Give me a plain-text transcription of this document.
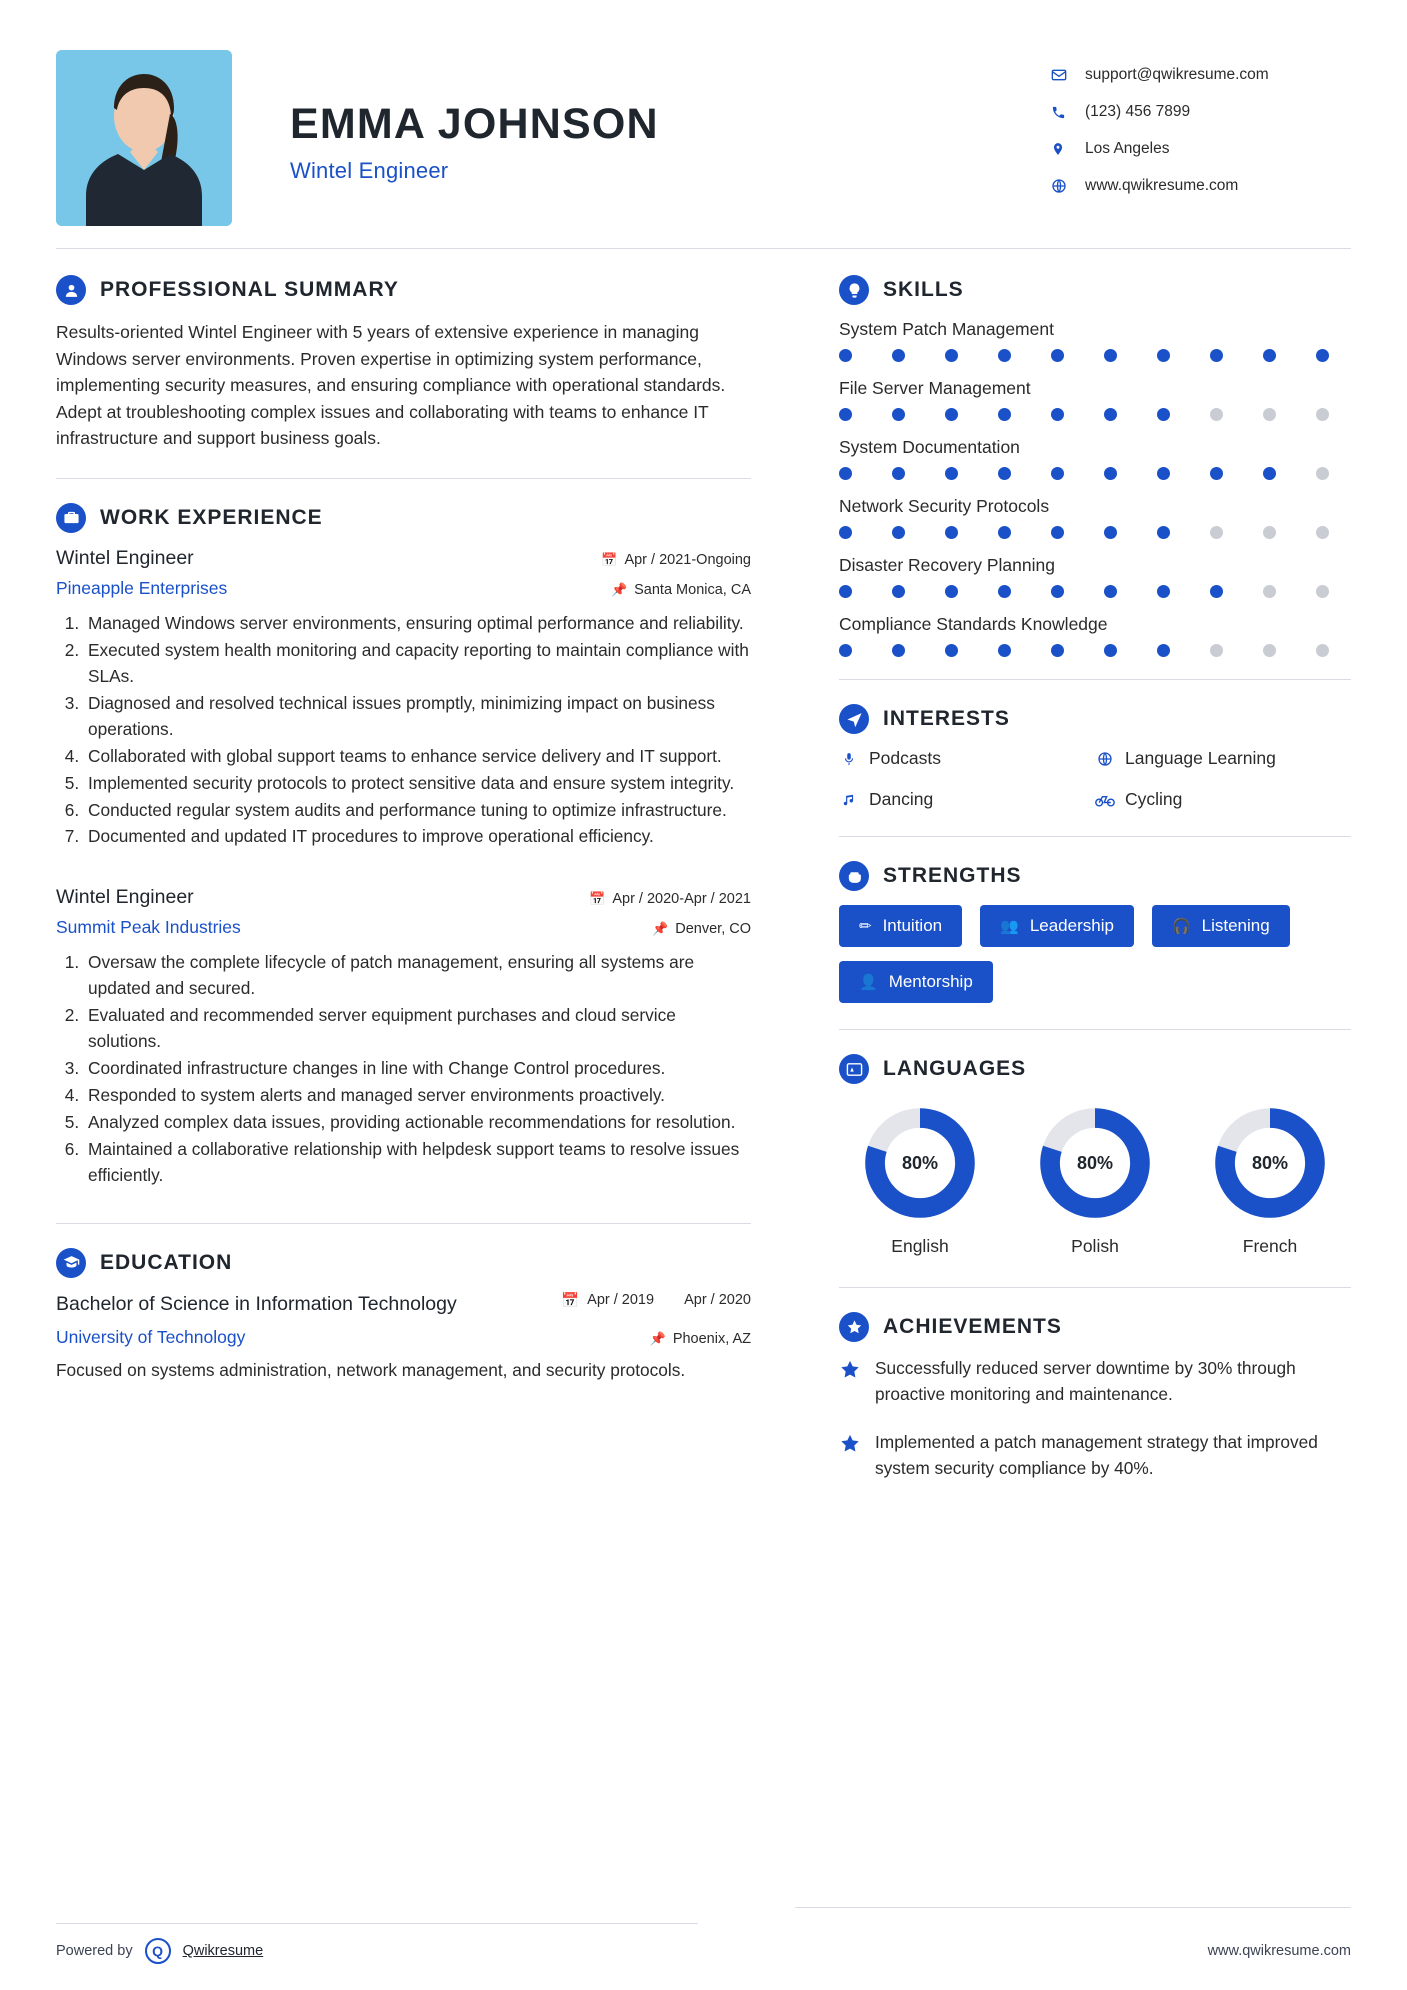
EMMA JOHNSON
Wintel Engineer
support@qwikresume.com
(123) 456 7899
Los Angeles
www.qwikresume.com
PROFESSIONAL SUMMARY
Results-oriented Wintel Engineer with 5 years of extensive experience in managing Windows server environments. Proven expertise in optimizing system performance, implementing security measures, and ensuring compliance with operational standards. Adept at troubleshooting complex issues and collaborating with teams to enhance IT infrastructure and support business goals.
WORK EXPERIENCE
Wintel Engineer	📅 Apr / 2021-Ongoing
Pineapple Enterprises	📌 Santa Monica, CA
1. Managed Windows server environments, ensuring optimal performance and reliability.
2. Executed system health monitoring and capacity reporting to maintain compliance with SLAs.
3. Diagnosed and resolved technical issues promptly, minimizing impact on business operations.
4. Collaborated with global support teams to enhance service delivery and IT support.
5. Implemented security protocols to protect sensitive data and ensure system integrity.
6. Conducted regular system audits and performance tuning to optimize infrastructure.
7. Documented and updated IT procedures to improve operational efficiency.
Wintel Engineer	📅 Apr / 2020-Apr / 2021
Summit Peak Industries	📌 Denver, CO
1. Oversaw the complete lifecycle of patch management, ensuring all systems are updated and secured.
2. Evaluated and recommended server equipment purchases and cloud service solutions.
3. Coordinated infrastructure changes in line with Change Control procedures.
4. Responded to system alerts and managed server environments proactively.
5. Analyzed complex data issues, providing actionable recommendations for resolution.
6. Maintained a collaborative relationship with helpdesk support teams to resolve issues efficiently.
EDUCATION
Bachelor of Science in Information Technology	📅 Apr / 2019 Apr / 2020
University of Technology	📌 Phoenix, AZ
Focused on systems administration, network management, and security protocols.
SKILLS
System Patch Management
File Server Management
System Documentation
Network Security Protocols
Disaster Recovery Planning
Compliance Standards Knowledge
INTERESTS
Podcasts	Language Learning
Dancing	Cycling
STRENGTHS
✏ Intuition	👥 Leadership	🎧 Listening
👤 Mentorship
LANGUAGES
80%
English
80%
Polish
80%
French
ACHIEVEMENTS
Successfully reduced server downtime by 30% through proactive monitoring and maintenance.
Implemented a patch management strategy that improved system security compliance by 40%.
Powered by	Q	Qwikresume	www.qwikresume.com
